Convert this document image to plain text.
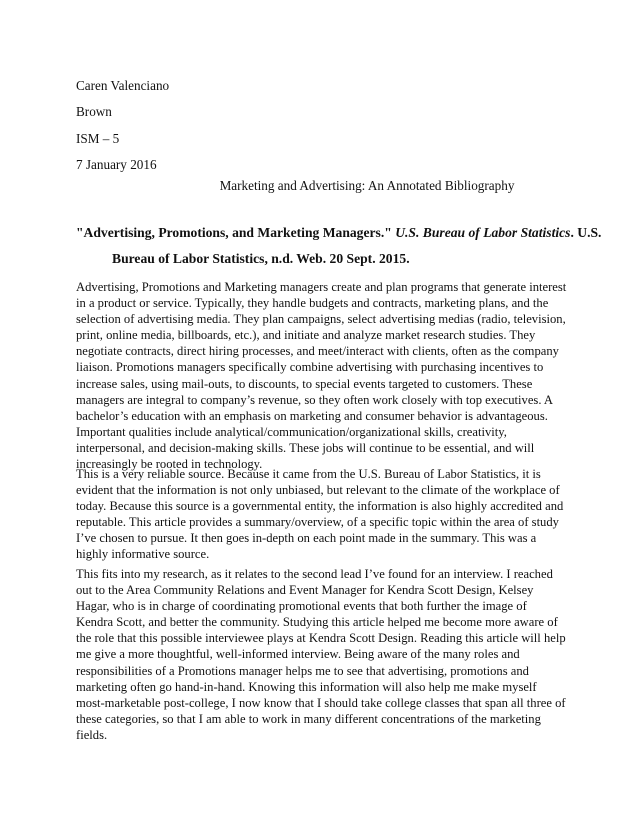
Caren Valenciano
Brown
ISM – 5
7 January 2016
Marketing and Advertising: An Annotated Bibliography
"Advertising, Promotions, and Marketing Managers." U.S. Bureau of Labor Statistics. U.S.
Bureau of Labor Statistics, n.d. Web. 20 Sept. 2015.
Advertising, Promotions and Marketing managers create and plan programs that generate interest
in a product or service. Typically, they handle budgets and contracts, marketing plans, and the
selection of advertising media. They plan campaigns, select advertising medias (radio, television,
print, online media, billboards, etc.), and initiate and analyze market research studies. They
negotiate contracts, direct hiring processes, and meet/interact with clients, often as the company
liaison. Promotions managers specifically combine advertising with purchasing incentives to
increase sales, using mail-outs, to discounts, to special events targeted to customers. These
managers are integral to company’s revenue, so they often work closely with top executives. A
bachelor’s education with an emphasis on marketing and consumer behavior is advantageous.
Important qualities include analytical/communication/organizational skills, creativity,
interpersonal, and decision-making skills. These jobs will continue to be essential, and will
increasingly be rooted in technology.
This is a very reliable source. Because it came from the U.S. Bureau of Labor Statistics, it is
evident that the information is not only unbiased, but relevant to the climate of the workplace of
today. Because this source is a governmental entity, the information is also highly accredited and
reputable. This article provides a summary/overview, of a specific topic within the area of study
I’ve chosen to pursue. It then goes in-depth on each point made in the summary. This was a
highly informative source.
This fits into my research, as it relates to the second lead I’ve found for an interview. I reached
out to the Area Community Relations and Event Manager for Kendra Scott Design, Kelsey
Hagar, who is in charge of coordinating promotional events that both further the image of
Kendra Scott, and better the community. Studying this article helped me become more aware of
the role that this possible interviewee plays at Kendra Scott Design. Reading this article will help
me give a more thoughtful, well-informed interview. Being aware of the many roles and
responsibilities of a Promotions manager helps me to see that advertising, promotions and
marketing often go hand-in-hand. Knowing this information will also help me make myself
most-marketable post-college, I now know that I should take college classes that span all three of
these categories, so that I am able to work in many different concentrations of the marketing
fields.
